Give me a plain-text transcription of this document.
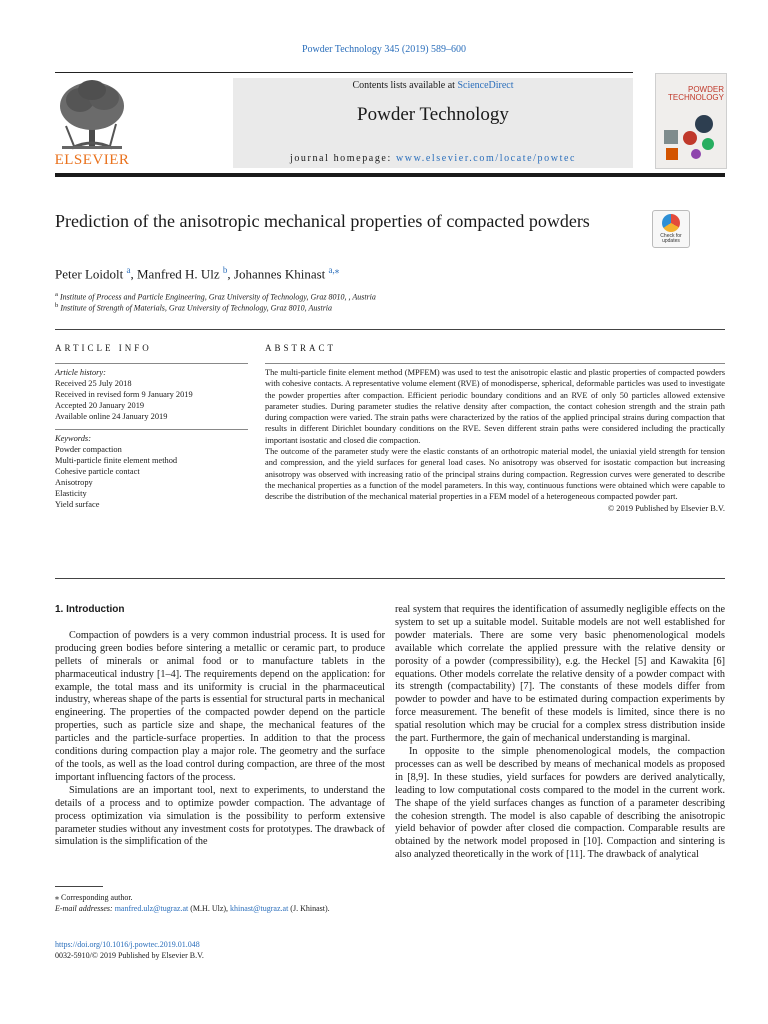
Powder Technology 345 (2019) 589–600
ELSEVIER
Contents lists available at ScienceDirect
Powder Technology
journal homepage: www.elsevier.com/locate/powtec
POWDER
TECHNOLOGY
Prediction of the anisotropic mechanical properties of compacted powders
Check for
updates
Peter Loidolt $^a$, Manfred H. Ulz $^b$, Johannes Khinast $^{a,⁎}$
$^a$ Institute of Process and Particle Engineering, Graz University of Technology, Graz 8010, , Austria
$^b$ Institute of Strength of Materials, Graz University of Technology, Graz 8010, Austria
ARTICLE INFO
Article history:
Received 25 July 2018
Received in revised form 9 January 2019
Accepted 20 January 2019
Available online 24 January 2019
Keywords:
Powder compaction
Multi-particle finite element method
Cohesive particle contact
Anisotropy
Elasticity
Yield surface
ABSTRACT

The multi-particle finite element method (MPFEM) was used to test the anisotropic elastic and plastic properties of compacted powders with cohesive contacts. A representative volume element (RVE) of monodisperse, spherical, deformable particles was used to investigate the powder properties after compaction. Efficient periodic boundary conditions and an RVE of only 50 particles allowed extensive parameter studies. During parameter studies the relative density after compaction, the contact cohesion strength and the strain path during compaction were varied. The strain paths were characterized by the ratios of the applied principal strains during compaction that results in different Dirichlet boundary conditions on the RVE. Seven different strain paths were considered including the practically important isostatic and closed die compaction.

The outcome of the parameter study were the elastic constants of an orthotropic material model, the uniaxial yield strength for tension and compression, and the yield surfaces for general load cases. No anisotropy was observed for isostatic compaction but increasing anisotropy was observed with increasing ratio of the principal strains during compaction. Regression curves were generated to describe the mechanical properties as a function of the model parameters. In this way, continuous functions were obtained which were capable to describe the distribution of the mechanical material properties in a FEM model of a heterogeneous compacted powder part.

© 2019 Published by Elsevier B.V.

1. Introduction

Compaction of powders is a very common industrial process. It is used for producing green bodies before sintering a metallic or ceramic part, to produce pellets of minerals or animal food or to manufacture tablets in the pharmaceutical industry [1–4]. The requirements depend on the application: for example, the total mass and its uniformity is crucial in the pharmaceutical industry, whereas shape of the parts is essential for structural parts in mechanical engineering. The properties of the compacted powder depend on the particle properties, such as particle size and shape, the mechanical features of the particles and the particle-surface properties. In addition to that the process conditions during compaction play a major role. The geometry and the surface of the tools, as well as the load control during compaction, are three of the most important influencing factors of the process.

Simulations are an important tool, next to experiments, to understand the details of a process and to optimize powder compaction. The advantage of process optimization via simulation is the possibility to perform extensive parameter studies without any investment costs for prototypes. The drawback of simulation is the simplification of the

real system that requires the identification of assumedly negligible effects on the system to set up a suitable model. Suitable models are not well established for powder materials. There are some very basic phenomenological models available which correlate the applied pressure with the relative density or porosity of a powder (compressibility), e.g. the Heckel [5] and Kawakita [6] equations. Other models correlate the relative density of a powder compact with its strength (compactability) [7]. The constants of these models differ from powder to powder and have to be estimated during compaction experiments by force measurement. The benefit of these models is limited, since there is no spatial resolution which may be crucial for a complex stress distribution inside the part. Furthermore, the gain of mechanical understanding is marginal.

In opposite to the simple phenomenological models, the compaction processes can as well be described by means of mechanical models as proposed in [8,9]. In these studies, yield surfaces for powders are derived analytically, leading to low computational costs compared to the model in the current work. The shape of the yield surfaces changes as function of a parameter describing the cohesion strength. The model is also capable of describing the anisotropic yield behavior of powder after closed die compaction. Comparable results are obtained by the network model proposed in [10]. Compaction and sintering is also analyzed theoretically in the work of [11]. The drawback of analytical

⁎ Corresponding author.
E-mail addresses: manfred.ulz@tugraz.at (M.H. Ulz), khinast@tugraz.at (J. Khinast).
https://doi.org/10.1016/j.powtec.2019.01.048
0032-5910/© 2019 Published by Elsevier B.V.
